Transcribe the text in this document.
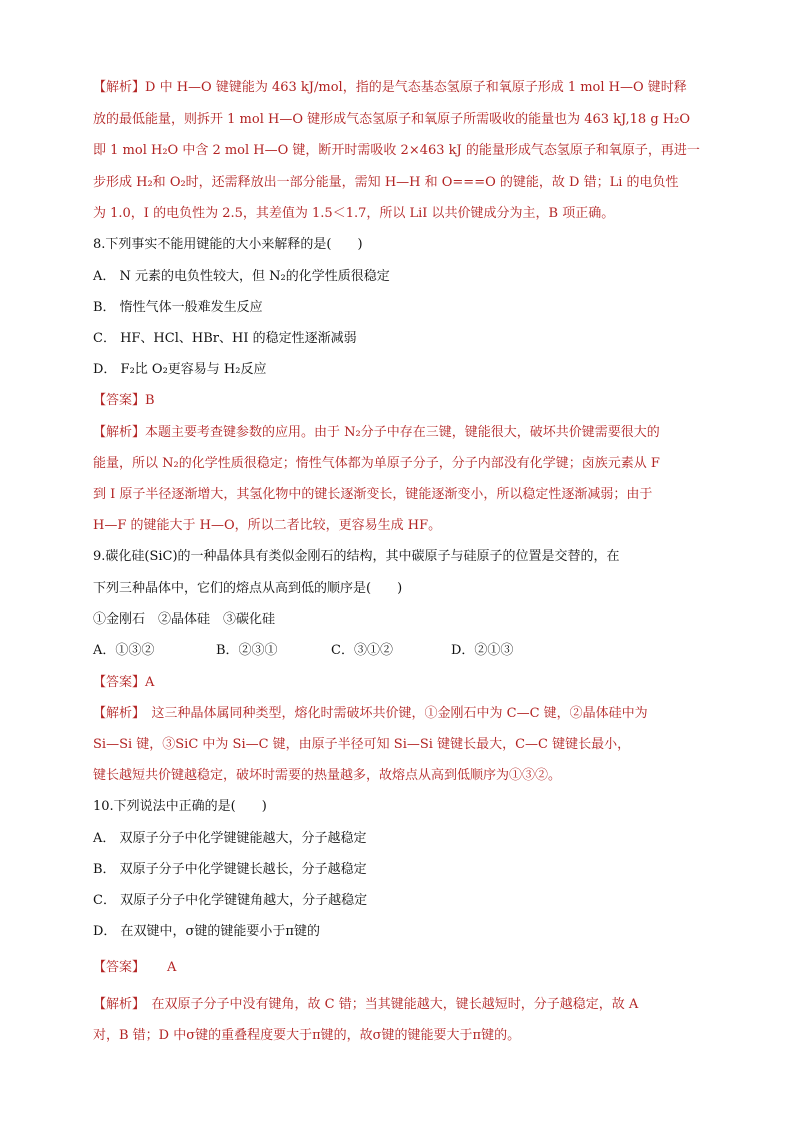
【解析】D 中 H—O 键键能为 463 kJ/mol，指的是气态基态氢原子和氧原子形成 1 mol H—O 键时释
放的最低能量，则拆开 1 mol H—O 键形成气态氢原子和氧原子所需吸收的能量也为 463 kJ,18 g H₂O
即 1 mol H₂O 中含 2 mol H—O 键，断开时需吸收 2×463 kJ 的能量形成气态氢原子和氧原子，再进一
步形成 H₂和 O₂时，还需释放出一部分能量，需知 H—H 和 O===O 的键能，故 D 错；Li 的电负性
为 1.0，I 的电负性为 2.5，其差值为 1.5＜1.7，所以 LiI 以共价键成分为主，B 项正确。
8.下列事实不能用键能的大小来解释的是(　　)
A． N 元素的电负性较大，但 N₂的化学性质很稳定
B． 惰性气体一般难发生反应
C． HF、HCl、HBr、HI 的稳定性逐渐减弱
D． F₂比 O₂更容易与 H₂反应
【答案】B
【解析】本题主要考查键参数的应用。由于 N₂分子中存在三键，键能很大，破坏共价键需要很大的
能量，所以 N₂的化学性质很稳定；惰性气体都为单原子分子，分子内部没有化学键；卤族元素从 F
到 I 原子半径逐渐增大，其氢化物中的键长逐渐变长，键能逐渐变小，所以稳定性逐渐减弱；由于
H—F 的键能大于 H—O，所以二者比较，更容易生成 HF。
9.碳化硅(SiC)的一种晶体具有类似金刚石的结构，其中碳原子与硅原子的位置是交替的，在
下列三种晶体中，它们的熔点从高到低的顺序是(　　)
①金刚石　②晶体硅　③碳化硅
A．①③②	B．②③①	C．③①②	D．②①③
【答案】A
【解析】　这三种晶体属同种类型，熔化时需破坏共价键，①金刚石中为 C—C 键，②晶体硅中为
Si—Si 键，③SiC 中为 Si—C 键，由原子半径可知 Si—Si 键键长最大，C—C 键键长最小，
键长越短共价键越稳定，破坏时需要的热量越多，故熔点从高到低顺序为①③②。
10.下列说法中正确的是(　　)
A． 双原子分子中化学键键能越大，分子越稳定
B． 双原子分子中化学键键长越长，分子越稳定
C． 双原子分子中化学键键角越大，分子越稳定
D． 在双键中，σ键的键能要小于π键的
【答案】 A
【解析】　在双原子分子中没有键角，故 C 错；当其键能越大，键长越短时，分子越稳定，故 A
对，B 错；D 中σ键的重叠程度要大于π键的，故σ键的键能要大于π键的。
